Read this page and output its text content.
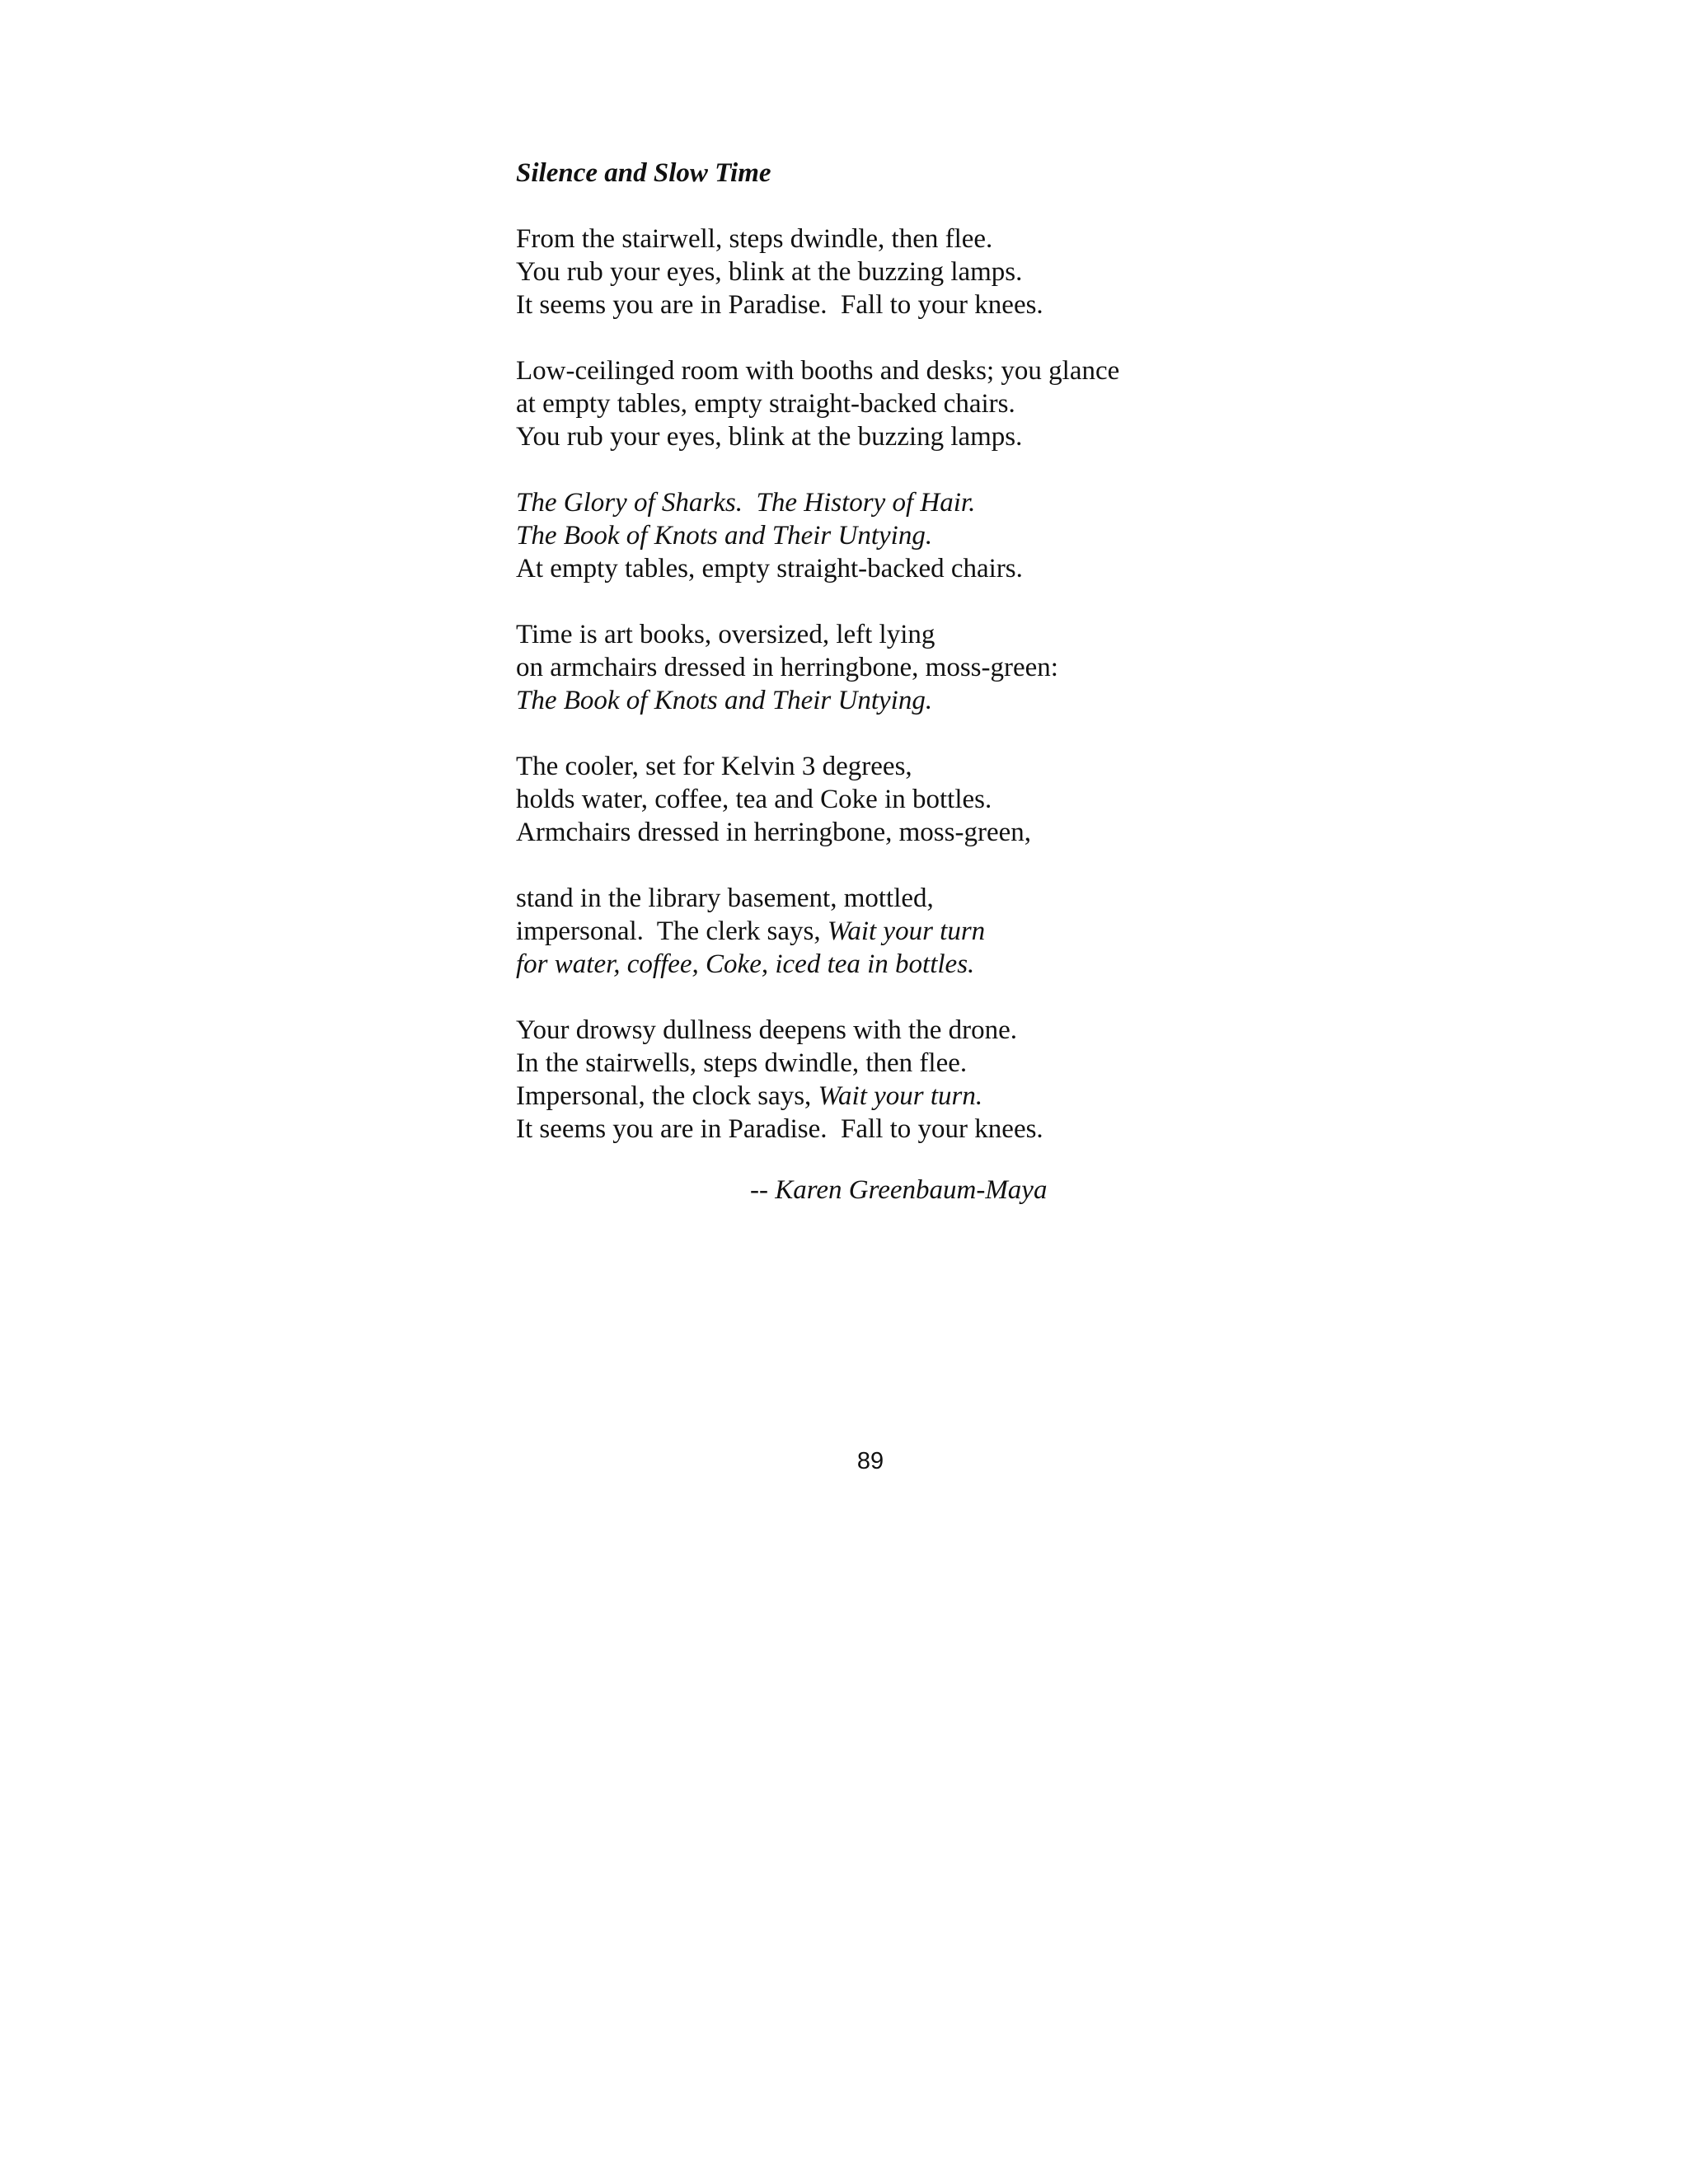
Silence and Slow Time
From the stairwell, steps dwindle, then flee.
You rub your eyes, blink at the buzzing lamps.
It seems you are in Paradise.  Fall to your knees.
Low-ceilinged room with booths and desks; you glance
at empty tables, empty straight-backed chairs.
You rub your eyes, blink at the buzzing lamps.
The Glory of Sharks.  The History of Hair.
The Book of Knots and Their Untying.
At empty tables, empty straight-backed chairs.
Time is art books, oversized, left lying
on armchairs dressed in herringbone, moss-green:
The Book of Knots and Their Untying.
The cooler, set for Kelvin 3 degrees,
holds water, coffee, tea and Coke in bottles.
Armchairs dressed in herringbone, moss-green,
stand in the library basement, mottled,
impersonal.  The clerk says, Wait your turn
for water, coffee, Coke, iced tea in bottles.
Your drowsy dullness deepens with the drone.
In the stairwells, steps dwindle, then flee.
Impersonal, the clock says, Wait your turn.
It seems you are in Paradise.  Fall to your knees.
-- Karen Greenbaum-Maya
89
